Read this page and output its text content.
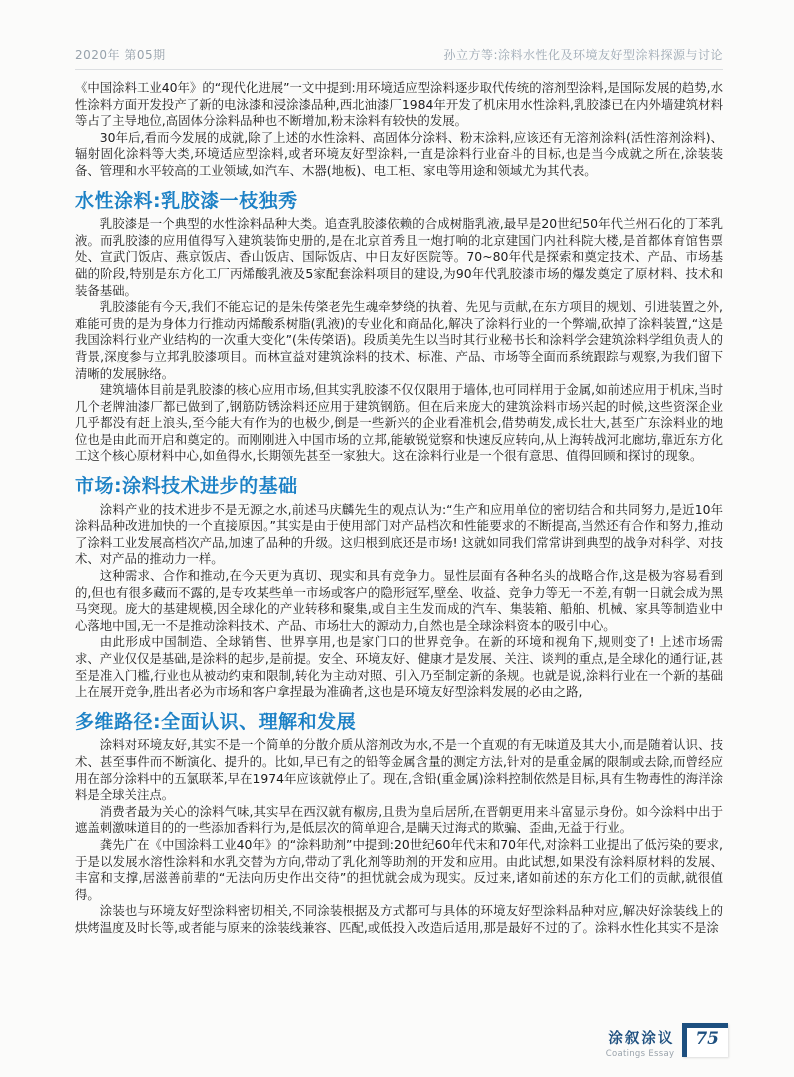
2020年 第05期	孙立方等:涂料水性化及环境友好型涂料探源与讨论

《中国涂料工业40年》的“现代化进展”一文中提到:用环境适应型涂料逐步取代传统的溶剂型涂料,是国际发展的趋势,水性涂料方面开发投产了新的电泳漆和浸涂漆品种,西北油漆厂1984年开发了机床用水性涂料,乳胶漆已在内外墙建筑材料等占了主导地位,高固体分涂料品种也不断增加,粉末涂料有较快的发展。

30年后,看而今发展的成就,除了上述的水性涂料、高固体分涂料、粉末涂料,应该还有无溶剂涂料(活性溶剂涂料)、辐射固化涂料等大类,环境适应型涂料,或者环境友好型涂料,一直是涂料行业奋斗的目标,也是当今成就之所在,涂装装备、管理和水平较高的工业领域,如汽车、木器(地板)、电工柜、家电等用途和领域尤为其代表。

水性涂料:乳胶漆一枝独秀

乳胶漆是一个典型的水性涂料品种大类。追查乳胶漆依赖的合成树脂乳液,最早是20世纪50年代兰州石化的丁苯乳液。而乳胶漆的应用值得写入建筑装饰史册的,是在北京首秀且一炮打响的北京建国门内社科院大楼,是首都体育馆售票处、宣武门饭店、燕京饭店、香山饭店、国际饭店、中日友好医院等。70~80年代是探索和奠定技术、产品、市场基础的阶段,特别是东方化工厂丙烯酸乳液及5家配套涂料项目的建设,为90年代乳胶漆市场的爆发奠定了原材料、技术和装备基础。

乳胶漆能有今天,我们不能忘记的是朱传棨老先生魂牵梦绕的执着、先见与贡献,在东方项目的规划、引进装置之外,难能可贵的是为身体力行推动丙烯酸系树脂(乳液)的专业化和商品化,解决了涂料行业的一个弊端,砍掉了涂料装置,“这是我国涂料行业产业结构的一次重大变化”(朱传棨语)。段质美先生以当时其行业秘书长和涂料学会建筑涂料学组负责人的背景,深度参与立邦乳胶漆项目。而林宣益对建筑涂料的技术、标准、产品、市场等全面而系统跟踪与观察,为我们留下清晰的发展脉络。

建筑墙体目前是乳胶漆的核心应用市场,但其实乳胶漆不仅仅限用于墙体,也可同样用于金属,如前述应用于机床,当时几个老牌油漆厂都已做到了,钢筋防锈涂料还应用于建筑钢筋。但在后来庞大的建筑涂料市场兴起的时候,这些资深企业几乎都没有赶上浪头,至今能大有作为的也极少,倒是一些新兴的企业看准机会,借势萌发,成长壮大,甚至广东涂料业的地位也是由此而开启和奠定的。而刚刚进入中国市场的立邦,能敏锐觉察和快速反应转向,从上海转战河北廊坊,靠近东方化工这个核心原材料中心,如鱼得水,长期领先甚至一家独大。这在涂料行业是一个很有意思、值得回顾和探讨的现象。

市场:涂料技术进步的基础

涂料产业的技术进步不是无源之水,前述马庆麟先生的观点认为:“生产和应用单位的密切结合和共同努力,是近10年涂料品种改进加快的一个直接原因。”其实是由于使用部门对产品档次和性能要求的不断提高,当然还有合作和努力,推动了涂料工业发展高档次产品,加速了品种的升级。这归根到底还是市场! 这就如同我们常常讲到典型的战争对科学、对技术、对产品的推动力一样。

这种需求、合作和推动,在今天更为真切、现实和具有竞争力。显性层面有各种名头的战略合作,这是极为容易看到的,但也有很多藏而不露的,是专攻某些单一市场或客户的隐形冠军,壁垒、收益、竞争力等无一不差,有朝一日就会成为黑马突现。庞大的基建规模,因全球化的产业转移和聚集,或自主生发而成的汽车、集装箱、船舶、机械、家具等制造业中心落地中国,无一不是推动涂料技术、产品、市场壮大的源动力,自然也是全球涂料资本的吸引中心。

由此形成中国制造、全球销售、世界享用,也是家门口的世界竞争。在新的环境和视角下,规则变了! 上述市场需求、产业仅仅是基础,是涂料的起步,是前提。安全、环境友好、健康才是发展、关注、谈判的重点,是全球化的通行证,甚至是准入门槛,行业也从被动约束和限制,转化为主动对照、引入乃至制定新的条规。也就是说,涂料行业在一个新的基础上在展开竞争,胜出者必为市场和客户拿捏最为准确者,这也是环境友好型涂料发展的必由之路,

多维路径:全面认识、理解和发展

涂料对环境友好,其实不是一个简单的分散介质从溶剂改为水,不是一个直观的有无味道及其大小,而是随着认识、技术、甚至事件而不断演化、提升的。比如,早已有之的铅等金属含量的测定方法,针对的是重金属的限制或去除,而曾经应用在部分涂料中的五氯联苯,早在1974年应该就停止了。现在,含铅(重金属)涂料控制依然是目标,具有生物毒性的海洋涂料是全球关注点。

消费者最为关心的涂料气味,其实早在西汉就有椒房,且贵为皇后居所,在晋朝更用来斗富显示身份。如今涂料中出于遮盖刺激味道目的的一些添加香料行为,是低层次的简单迎合,是瞒天过海式的欺骗、歪曲,无益于行业。

龚先广在《中国涂料工业40年》的“涂料助剂”中提到:20世纪60年代末和70年代,对涂料工业提出了低污染的要求,于是以发展水溶性涂料和水乳交替为方向,带动了乳化剂等助剂的开发和应用。由此试想,如果没有涂料原材料的发展、丰富和支撑,居滋善前辈的“无法向历史作出交待”的担忧就会成为现实。反过来,诸如前述的东方化工们的贡献,就很值得。

涂装也与环境友好型涂料密切相关,不同涂装根据及方式都可与具体的环境友好型涂料品种对应,解决好涂装线上的烘烤温度及时长等,或者能与原来的涂装线兼容、匹配,或低投入改造后适用,那是最好不过的了。涂料水性化其实不是涂

涂叙涂议
Coatings Essay
75
